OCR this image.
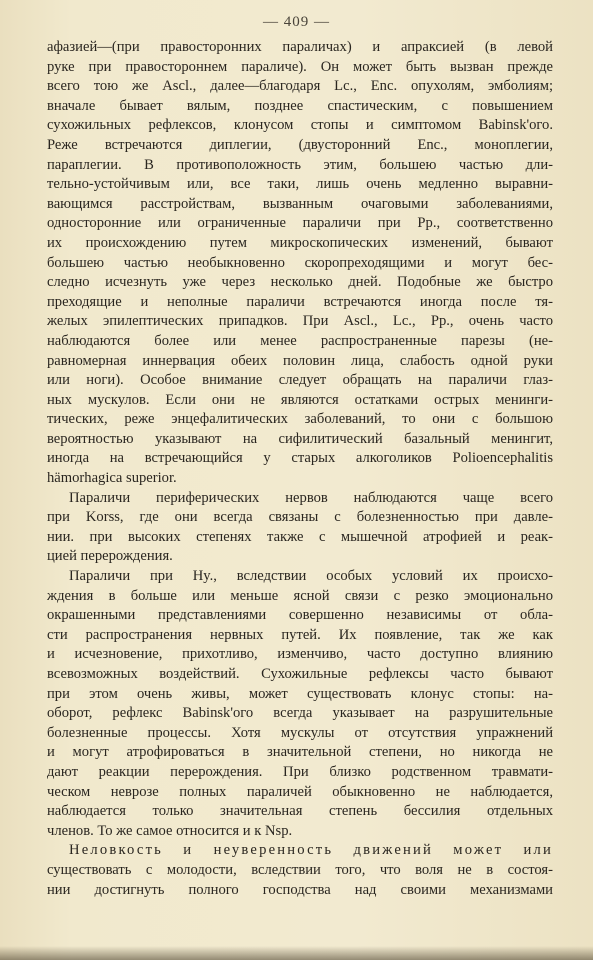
— 409 —
афазией—(при правосторонних параличах) и апраксией (в левой
руке при правостороннем параличе). Он может быть вызван прежде
всего тою же Ascl., далее—благодаря Lc., Enc. опухолям, эмболиям;
вначале бывает вялым, позднее спастическим, с повышением
сухожильных рефлексов, клонусом стопы и симптомом Babinsk'ого.
Реже встречаются диплегии, (двусторонний Enc., моноплегии,
параплегии. В противоположность этим, большею частью дли-
тельно-устойчивым или, все таки, лишь очень медленно выравни-
вающимся расстройствам, вызванным очаговыми заболеваниями,
односторонние или ограниченные параличи при Pp., соответственно
их происхождению путем микроскопических изменений, бывают
большею частью необыкновенно скоропреходящими и могут бес-
следно исчезнуть уже через несколько дней. Подобные же быстро
преходящие и неполные параличи встречаются иногда после тя-
желых эпилептических припадков. При Ascl., Lc., Pp., очень часто
наблюдаются более или менее распространенные парезы (не-
равномерная иннервация обеих половин лица, слабость одной руки
или ноги). Особое внимание следует обращать на параличи глаз-
ных мускулов. Если они не являются остатками острых менинги-
тических, реже энцефалитических заболеваний, то они с большою
вероятностью указывают на сифилитический базальный менингит,
иногда на встречающийся у старых алкоголиков Polioencephalitis
hämorhagica superior.
Параличи периферических нервов наблюдаются чаще всего
при Korss, где они всегда связаны с болезненностью при давле-
нии. при высоких степенях также с мышечной атрофией и реак-
цией перерождения.
Параличи при Hy., вследствии особых условий их происхо-
ждения в больше или меньше ясной связи с резко эмоционально
окрашенными представлениями совершенно независимы от обла-
сти распространения нервных путей. Их появление, так же как
и исчезновение, прихотливо, изменчиво, часто доступно влиянию
всевозможных воздействий. Сухожильные рефлексы часто бывают
при этом очень живы, может существовать клонус стопы: на-
оборот, рефлекс Babinsk'ого всегда указывает на разрушительные
болезненные процессы. Хотя мускулы от отсутствия упражнений
и могут атрофироваться в значительной степени, но никогда не
дают реакции перерождения. При близко родственном травмати-
ческом неврозе полных параличей обыкновенно не наблюдается,
наблюдается только значительная степень бессилия отдельных
членов. То же самое относится и к Nsp.
Неловкость и неуверенность движений может или
существовать с молодости, вследствии того, что воля не в состоя-
нии достигнуть полного господства над своими механизмами
